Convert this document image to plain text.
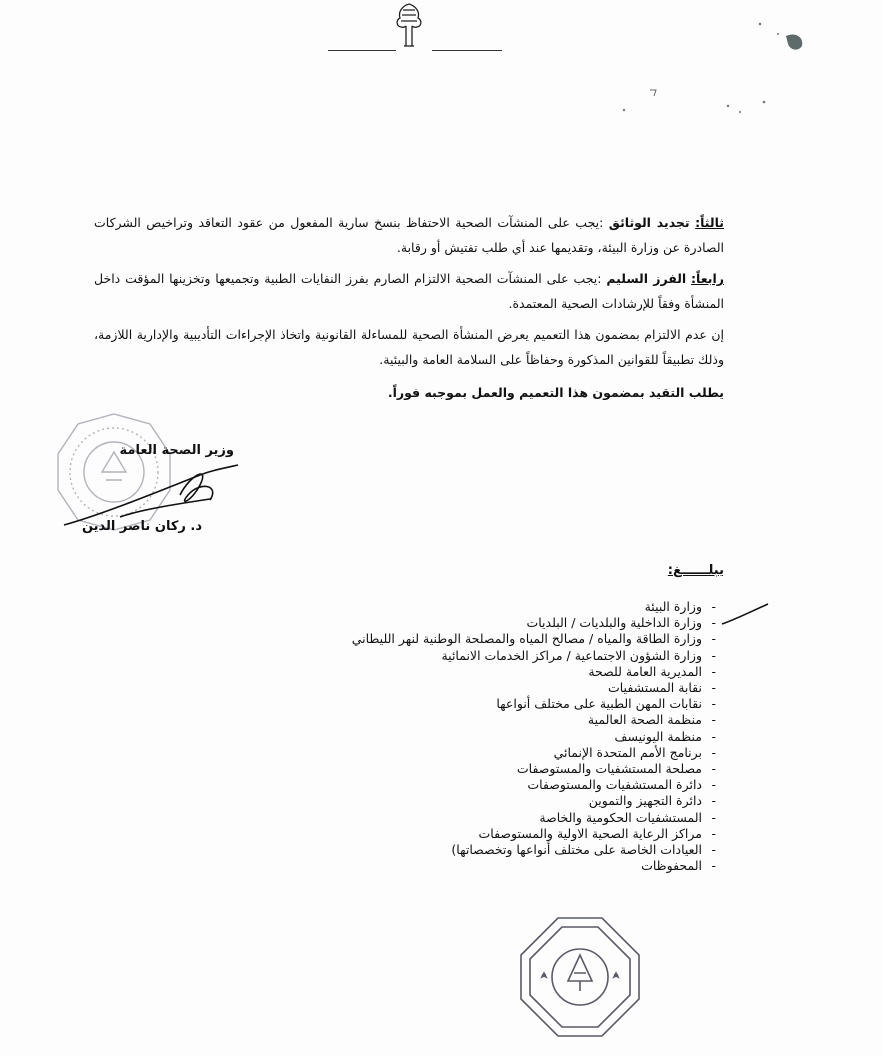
ثالثاً: تجديد الوثائق :يجب على المنشآت الصحية الاحتفاظ بنسخ سارية المفعول من عقود التعاقد وتراخيص الشركات الصادرة عن وزارة البيئة، وتقديمها عند أي طلب تفتيش أو رقابة.
رابعاً: الفرز السليم :يجب على المنشآت الصحية الالتزام الصارم بفرز النفايات الطبية وتجميعها وتخزينها المؤقت داخل المنشأة وفقاً للإرشادات الصحية المعتمدة.
إن عدم الالتزام بمضمون هذا التعميم يعرض المنشأة الصحية للمساءلة القانونية واتخاذ الإجراءات التأديبية والإدارية اللازمة، وذلك تطبيقاً للقوانين المذكورة وحفاظاً على السلامة العامة والبيئية.
يطلب التقيد بمضمون هذا التعميم والعمل بموجبه فوراً.
وزير الصحة العامة
د. ركان ناصر الدين
يبلــــــغ:
- وزارة البيئة
- وزارة الداخلية والبلديات / البلديات
- وزارة الطاقة والمياه / مصالح المياه والمصلحة الوطنية لنهر الليطاني
- وزارة الشؤون الاجتماعية / مراكز الخدمات الانمائية
- المديرية العامة للصحة
- نقابة المستشفيات
- نقابات المهن الطبية على مختلف أنواعها
- منظمة الصحة العالمية
- منظمة اليونيسف
- برنامج الأمم المتحدة الإنمائي
- مصلحة المستشفيات والمستوصفات
- دائرة المستشفيات والمستوصفات
- دائرة التجهيز والتموين
- المستشفيات الحكومية والخاصة
- مراكز الرعاية الصحية الاولية والمستوصفات
- العيادات الخاصة على مختلف أنواعها وتخصصاتها)
- المحفوظات
